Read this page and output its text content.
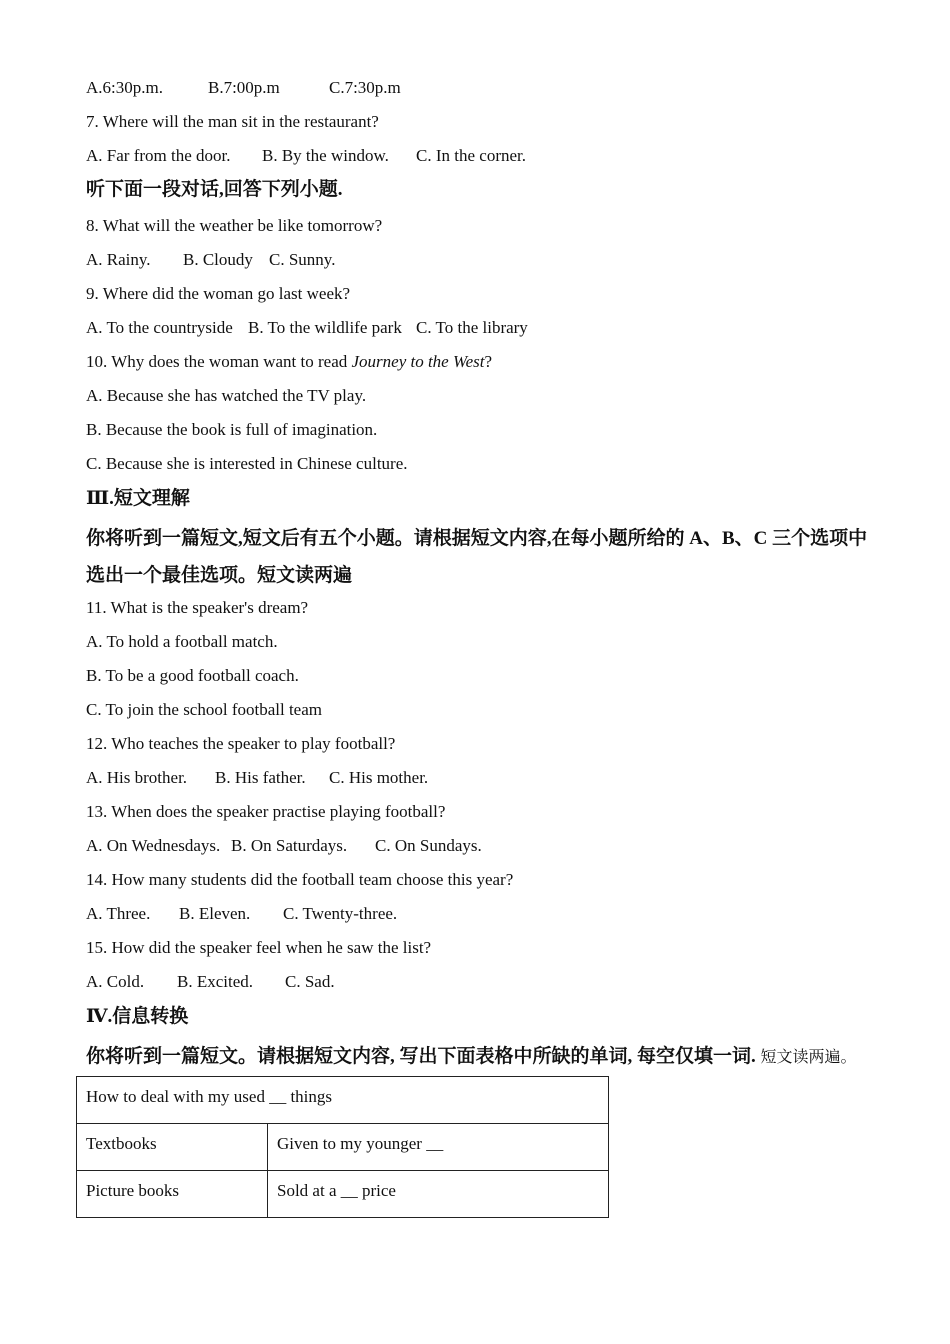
A.6:30p.m.	B.7:00p.m	C.7:30p.m
7. Where will the man sit in the restaurant?
A. Far from the door. B. By the window. C. In the corner.
听下面一段对话,回答下列小题.
8. What will the weather be like tomorrow?
A. Rainy. B. Cloudy C. Sunny.
9. Where did the woman go last week?
A. To the countryside B. To the wildlife park C. To the library
10. Why does the woman want to read Journey to the West?
A. Because she has watched the TV play.
B. Because the book is full of imagination.
C. Because she is interested in Chinese culture.
Ⅲ.短文理解
你将听到一篇短文,短文后有五个小题。请根据短文内容,在每小题所给的 A、B、C 三个选项中选出一个最佳选项。短文读两遍
11. What is the speaker's dream?
A. To hold a football match.
B. To be a good football coach.
C. To join the school football team
12. Who teaches the speaker to play football?
A. His brother. B. His father. C. His mother.
13. When does the speaker practise playing football?
A. On Wednesdays. B. On Saturdays. C. On Sundays.
14. How many students did the football team choose this year?
A. Three. B. Eleven. C. Twenty-three.
15. How did the speaker feel when he saw the list?
A. Cold. B. Excited. C. Sad.
Ⅳ.信息转换
你将听到一篇短文。请根据短文内容, 写出下面表格中所缺的单词, 每空仅填一词. 短文读两遍。
How to deal with my used __ things	
Textbooks	Given to my younger __
Picture books	Sold at a __ price
